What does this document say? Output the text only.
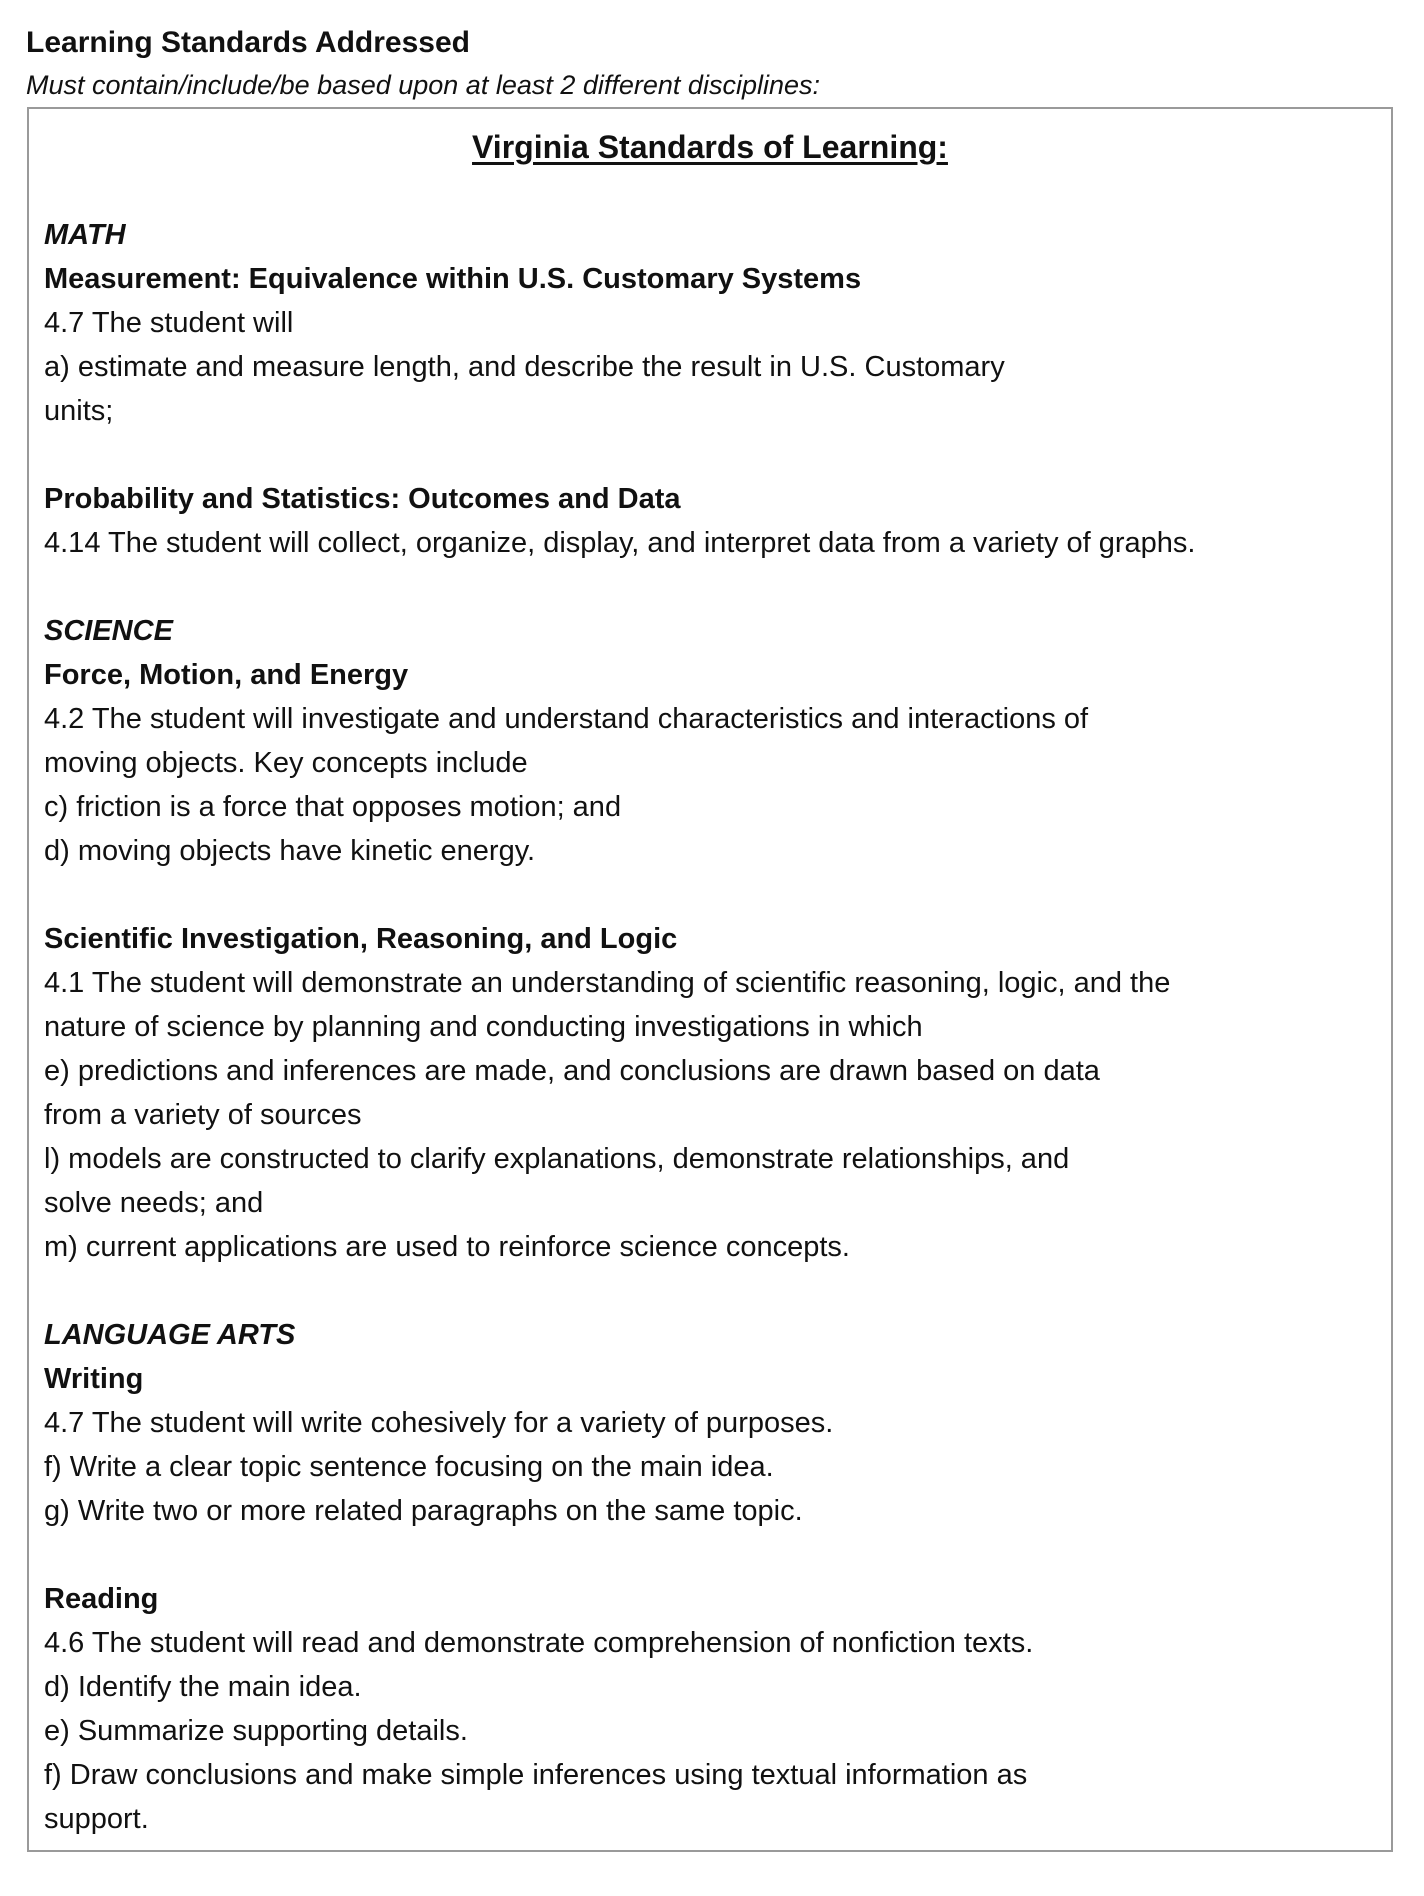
Learning Standards Addressed

Must contain/include/be based upon at least 2 different disciplines:

Virginia Standards of Learning:
MATH
Measurement: Equivalence within U.S. Customary Systems
4.7 The student will
a) estimate and measure length, and describe the result in U.S. Customary
units;
Probability and Statistics: Outcomes and Data
4.14 The student will collect, organize, display, and interpret data from a variety of graphs.
SCIENCE
Force, Motion, and Energy
4.2 The student will investigate and understand characteristics and interactions of
moving objects. Key concepts include
c) friction is a force that opposes motion; and
d) moving objects have kinetic energy.
Scientific Investigation, Reasoning, and Logic
4.1 The student will demonstrate an understanding of scientific reasoning, logic, and the
nature of science by planning and conducting investigations in which
e) predictions and inferences are made, and conclusions are drawn based on data
from a variety of sources
l) models are constructed to clarify explanations, demonstrate relationships, and
solve needs; and
m) current applications are used to reinforce science concepts.
LANGUAGE ARTS
Writing
4.7 The student will write cohesively for a variety of purposes.
f) Write a clear topic sentence focusing on the main idea.
g) Write two or more related paragraphs on the same topic.
Reading
4.6 The student will read and demonstrate comprehension of nonfiction texts.
d) Identify the main idea.
e) Summarize supporting details.
f) Draw conclusions and make simple inferences using textual information as
support.
